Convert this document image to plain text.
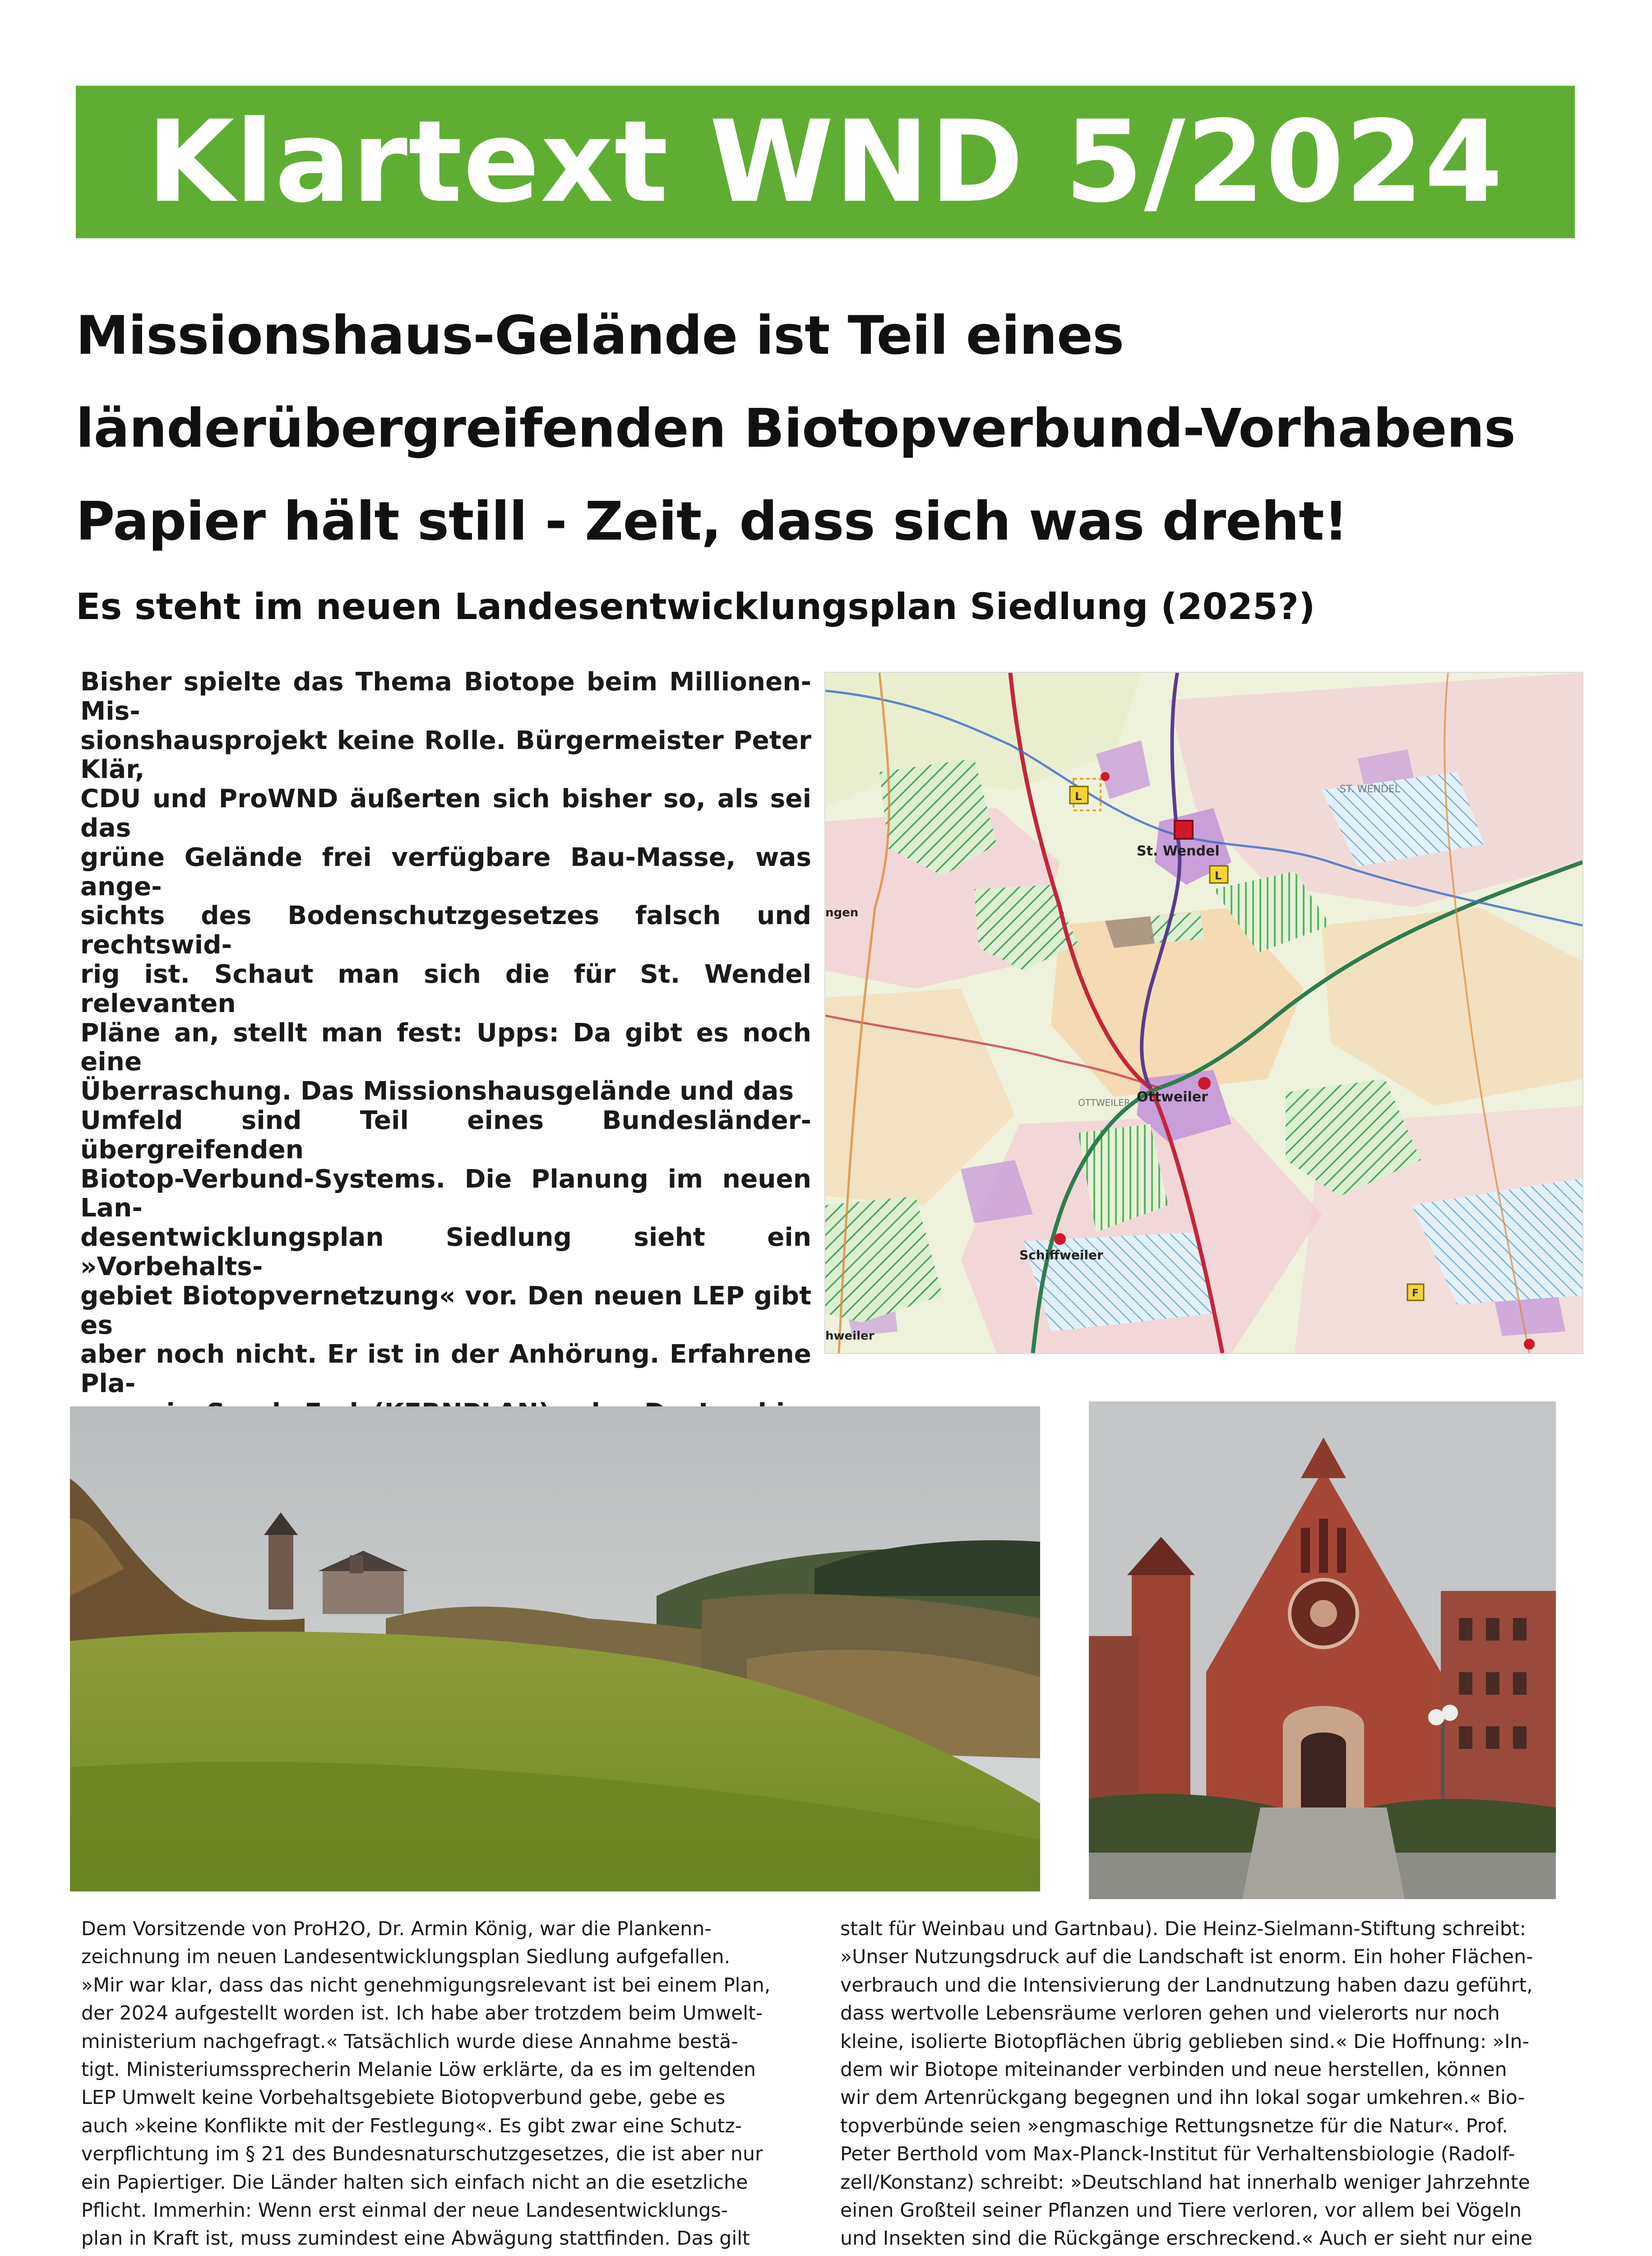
Klartext WND 5/2024
Missionshaus-Gelände ist Teil eines
länderübergreifenden Biotopverbund-Vorhabens
Papier hält still - Zeit, dass sich was dreht!
Es steht im neuen Landesentwicklungsplan Siedlung (2025?)
Bisher spielte das Thema Biotope beim Millionen-Mis-
sionshausprojekt keine Rolle. Bürgermeister Peter Klär,
CDU und ProWND äußerten sich bisher so, als sei das
grüne Gelände frei verfügbare Bau-Masse, was ange-
sichts des Bodenschutzgesetzes falsch und rechtswid-
rig ist. Schaut man sich die für St. Wendel relevanten
Pläne an, stellt man fest: Upps: Da gibt es noch eine
Überraschung. Das Missionshausgelände und das
Umfeld sind Teil eines Bundesländer-übergreifenden
Biotop-Verbund-Systems. Die Planung im neuen Lan-
desentwicklungsplan Siedlung sieht ein »Vorbehalts-
gebiet Biotopvernetzung« vor. Den neuen LEP gibt es
aber noch nicht. Er ist in der Anhörung. Erfahrene Pla-

St. Wendel
ST. WENDEL
Ottweiler
OTTWEILER
Schiffweiler
ngen
hweiler
L
L
F
Dem Vorsitzende von ProH2O, Dr. Armin König, war die Plankenn-
zeichnung im neuen Landesentwicklungsplan Siedlung aufgefallen.
»Mir war klar, dass das nicht genehmigungsrelevant ist bei einem Plan,
der 2024 aufgestellt worden ist. Ich habe aber trotzdem beim Umwelt-
ministerium nachgefragt.« Tatsächlich wurde diese Annahme bestä-
tigt. Ministeriumssprecherin Melanie Löw erklärte, da es im geltenden
LEP Umwelt keine Vorbehaltsgebiete Biotopverbund gebe, gebe es
auch »keine Konflikte mit der Festlegung«. Es gibt zwar eine Schutz-
verpflichtung im § 21 des Bundesnaturschutzgesetzes, die ist aber nur
ein Papiertiger. Die Länder halten sich einfach nicht an die esetzliche
Pflicht. Immerhin: Wenn erst einmal der neue Landesentwicklungs-
plan in Kraft ist, muss zumindest eine Abwägung stattfinden. Das gilt

stalt für Weinbau und Gartnbau). Die Heinz-Sielmann-Stiftung schreibt:
»Unser Nutzungsdruck auf die Landschaft ist enorm. Ein hoher Flächen-
verbrauch und die Intensivierung der Landnutzung haben dazu geführt,
dass wertvolle Lebensräume verloren gehen und vielerorts nur noch
kleine, isolierte Biotopflächen übrig geblieben sind.« Die Hoffnung: »In-
dem wir Biotope miteinander verbinden und neue herstellen, können
wir dem Artenrückgang begegnen und ihn lokal sogar umkehren.« Bio-
topverbünde seien »engmaschige Rettungsnetze für die Natur«. Prof.
Peter Berthold vom Max-Planck-Institut für Verhaltensbiologie (Radolf-
zell/Konstanz) schreibt: »Deutschland hat innerhalb weniger Jahrzehnte
einen Großteil seiner Pflanzen und Tiere verloren, vor allem bei Vögeln
und Insekten sind die Rückgänge erschreckend.« Auch er sieht nur eine
